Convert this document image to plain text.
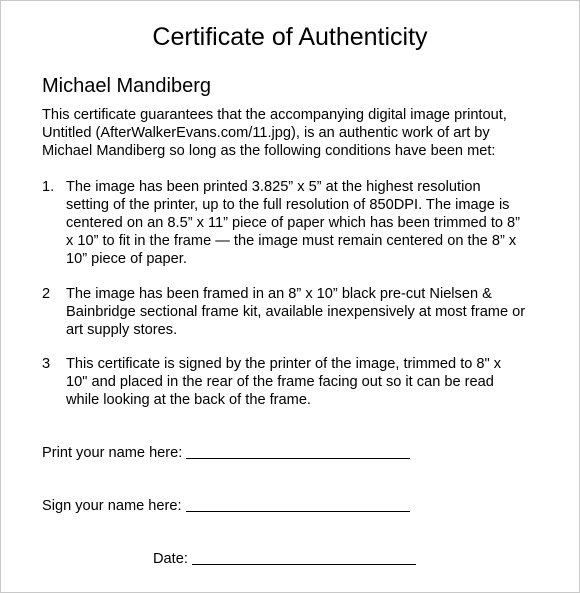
Certificate of Authenticity
Michael Mandiberg
This certificate guarantees that the accompanying digital image printout,
Untitled (AfterWalkerEvans.com/11.jpg), is an authentic work of art by
Michael Mandiberg so long as the following conditions have been met:
1. The image has been printed 3.825” x 5” at the highest resolution
setting of the printer, up to the full resolution of 850DPI. The image is
centered on an 8.5” x 11” piece of paper which has been trimmed to 8”
x 10” to fit in the frame — the image must remain centered on the 8” x
10” piece of paper.
2 The image has been framed in an 8” x 10” black pre-cut Nielsen &
Bainbridge sectional frame kit, available inexpensively at most frame or
art supply stores.
3 This certificate is signed by the printer of the image, trimmed to 8" x
10" and placed in the rear of the frame facing out so it can be read
while looking at the back of the frame.
Print your name here:
Sign your name here:
Date:
